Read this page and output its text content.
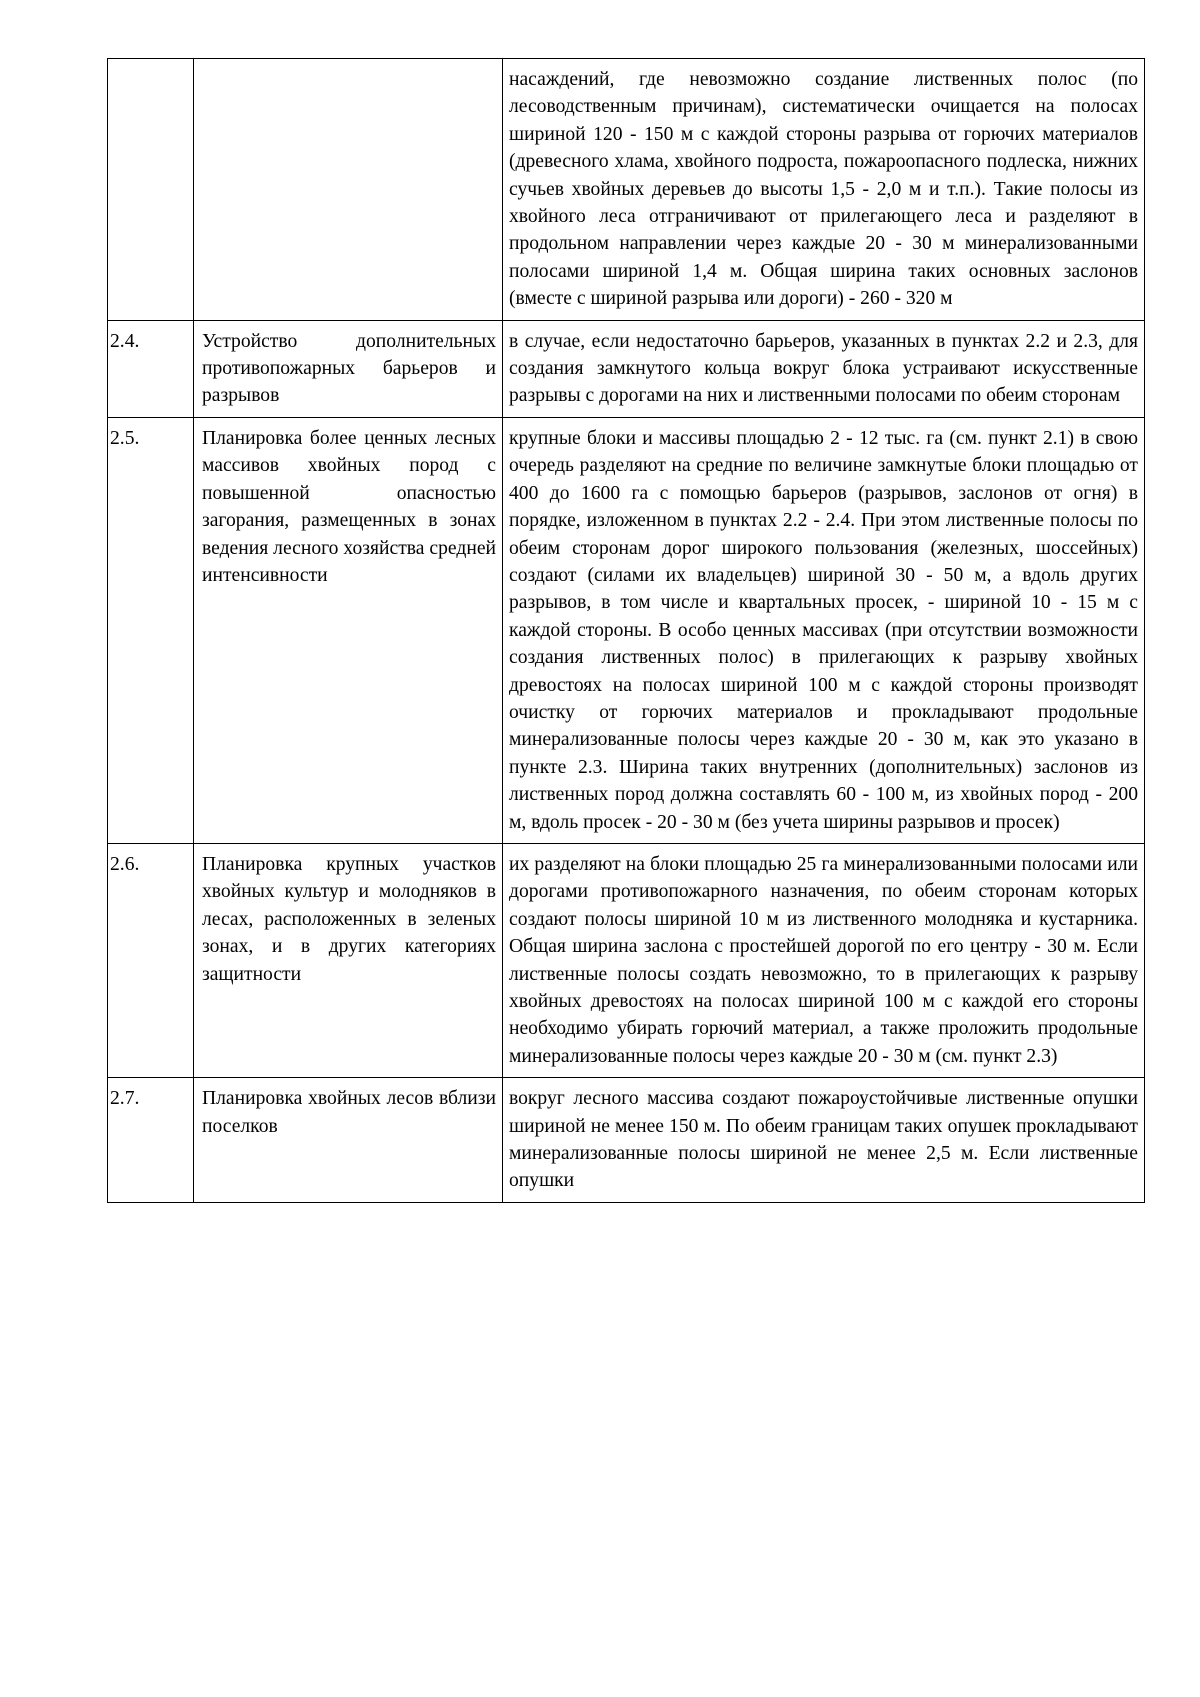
		насаждений, где невозможно создание лиственных полос (по лесоводственным причинам), систематически очищается на полосах шириной 120 - 150 м с каждой стороны разрыва от горючих материалов (древесного хлама, хвойного подроста, пожароопасного подлеска, нижних сучьев хвойных деревьев до высоты 1,5 - 2,0 м и т.п.). Такие полосы из хвойного леса отграничивают от прилегающего леса и разделяют в продольном направлении через каждые 20 - 30 м минерализованными полосами шириной 1,4 м. Общая ширина таких основных заслонов (вместе с шириной разрыва или дороги) - 260 - 320 м
2.4.	Устройство дополнительных противопожарных барьеров и разрывов	в случае, если недостаточно барьеров, указанных в пунктах 2.2 и 2.3, для создания замкнутого кольца вокруг блока устраивают искусственные разрывы с дорогами на них и лиственными полосами по обеим сторонам
2.5.	Планировка более ценных лесных массивов хвойных пород с повышенной опасностью загорания, размещенных в зонах ведения лесного хозяйства средней интенсивности	крупные блоки и массивы площадью 2 - 12 тыс. га (см. пункт 2.1) в свою очередь разделяют на средние по величине замкнутые блоки площадью от 400 до 1600 га с помощью барьеров (разрывов, заслонов от огня) в порядке, изложенном в пунктах 2.2 - 2.4. При этом лиственные полосы по обеим сторонам дорог широкого пользования (железных, шоссейных) создают (силами их владельцев) шириной 30 - 50 м, а вдоль других разрывов, в том числе и квартальных просек, - шириной 10 - 15 м с каждой стороны. В особо ценных массивах (при отсутствии возможности создания лиственных полос) в прилегающих к разрыву хвойных древостоях на полосах шириной 100 м с каждой стороны производят очистку от горючих материалов и прокладывают продольные минерализованные полосы через каждые 20 - 30 м, как это указано в пункте 2.3. Ширина таких внутренних (дополнительных) заслонов из лиственных пород должна составлять 60 - 100 м, из хвойных пород - 200 м, вдоль просек - 20 - 30 м (без учета ширины разрывов и просек)
2.6.	Планировка крупных участков хвойных культур и молодняков в лесах, расположенных в зеленых зонах, и в других категориях защитности	их разделяют на блоки площадью 25 га минерализованными полосами или дорогами противопожарного назначения, по обеим сторонам которых создают полосы шириной 10 м из лиственного молодняка и кустарника. Общая ширина заслона с простейшей дорогой по его центру - 30 м. Если лиственные полосы создать невозможно, то в прилегающих к разрыву хвойных древостоях на полосах шириной 100 м с каждой его стороны необходимо убирать горючий материал, а также проложить продольные минерализованные полосы через каждые 20 - 30 м (см. пункт 2.3)
2.7.	Планировка хвойных лесов вблизи поселков	вокруг лесного массива создают пожароустойчивые лиственные опушки шириной не менее 150 м. По обеим границам таких опушек прокладывают минерализованные полосы шириной не менее 2,5 м. Если лиственные опушки
